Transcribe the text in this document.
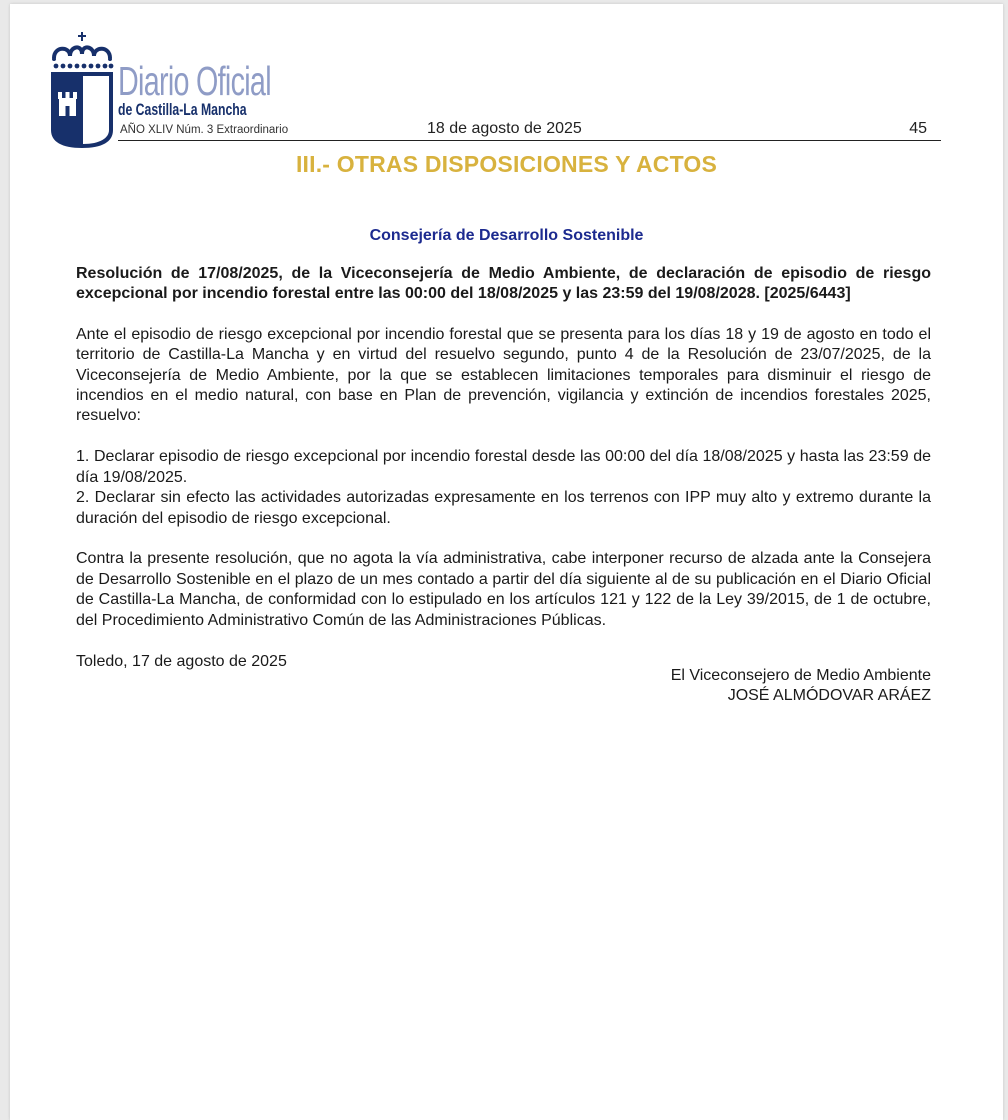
Diario Oficial
de Castilla-La Mancha
AÑO XLIV Núm. 3 Extraordinario	18 de agosto de 2025	45
III.- OTRAS DISPOSICIONES Y ACTOS
Consejería de Desarrollo Sostenible

Resolución de 17/08/2025, de la Viceconsejería de Medio Ambiente, de declaración de episodio de riesgo excepcional por incendio forestal entre las 00:00 del 18/08/2025 y las 23:59 del 19/08/2028. [2025/6443]

Ante el episodio de riesgo excepcional por incendio forestal que se presenta para los días 18 y 19 de agosto en todo el territorio de Castilla-La Mancha y en virtud del resuelvo segundo, punto 4 de la Resolución de 23/07/2025, de la Viceconsejería de Medio Ambiente, por la que se establecen limitaciones temporales para disminuir el riesgo de incendios en el medio natural, con base en Plan de prevención, vigilancia y extinción de incendios forestales 2025, resuelvo:

1. Declarar episodio de riesgo excepcional por incendio forestal desde las 00:00 del día 18/08/2025 y hasta las 23:59 de día 19/08/2025.

2. Declarar sin efecto las actividades autorizadas expresamente en los terrenos con IPP muy alto y extremo durante la duración del episodio de riesgo excepcional.

Contra la presente resolución, que no agota la vía administrativa, cabe interponer recurso de alzada ante la Consejera de Desarrollo Sostenible en el plazo de un mes contado a partir del día siguiente al de su publicación en el Diario Oficial de Castilla-La Mancha, de conformidad con lo estipulado en los artículos 121 y 122 de la Ley 39/2015, de 1 de octubre, del Procedimiento Administrativo Común de las Administraciones Públicas.

Toledo, 17 de agosto de 2025

El Viceconsejero de Medio Ambiente
JOSÉ ALMÓDOVAR ARÁEZ
